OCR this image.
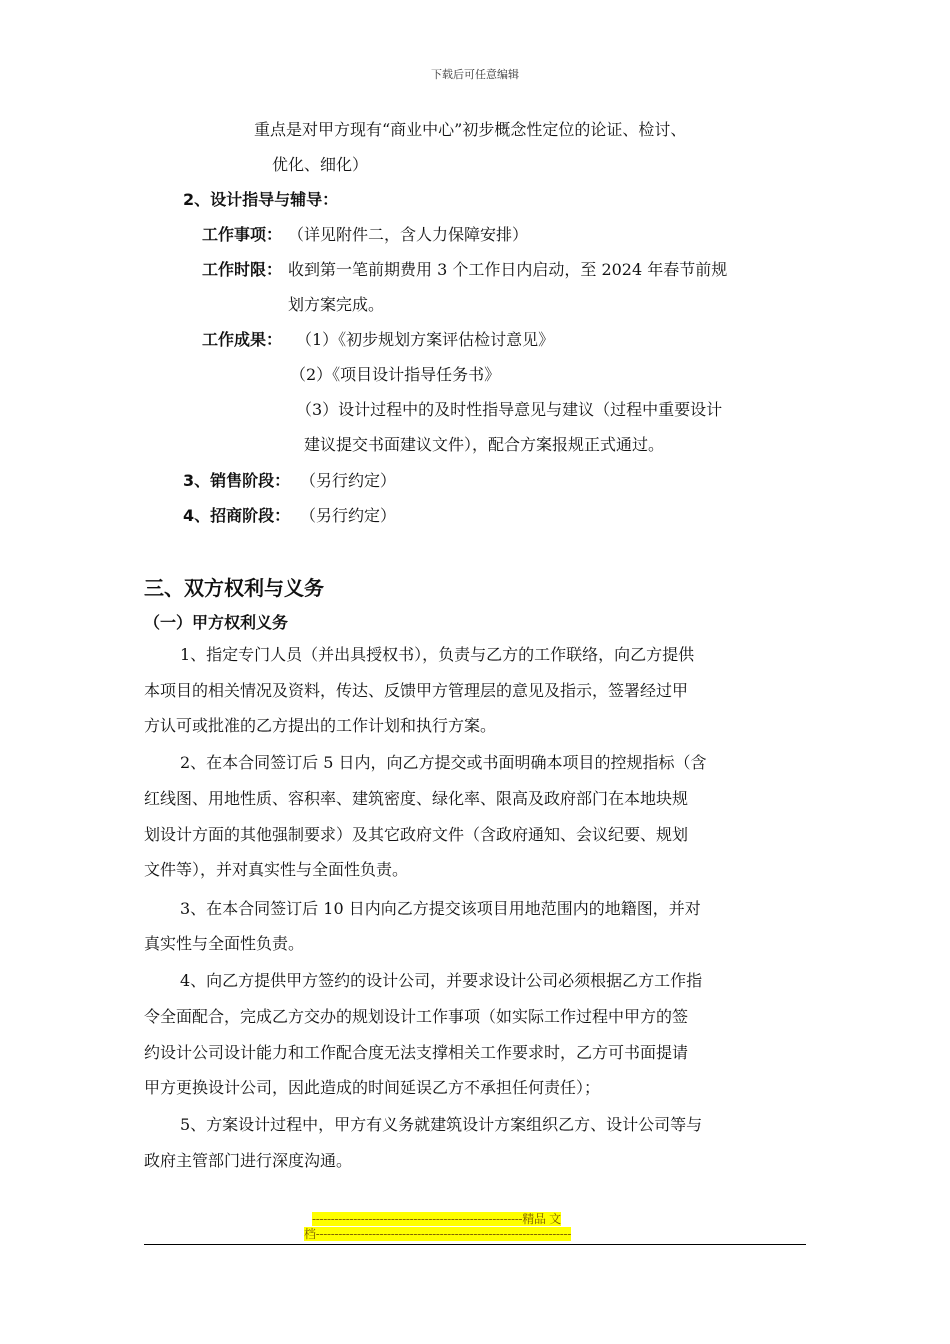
下载后可任意编辑
重点是对甲方现有“商业中心”初步概念性定位的论证、检讨、
优化、细化）
2、设计指导与辅导：
工作事项： （详见附件二，含人力保障安排）
工作时限： 收到第一笔前期费用 3 个工作日内启动，至 2024 年春节前规
划方案完成。
工作成果： （1）《初步规划方案评估检讨意见》
（2）《项目设计指导任务书》
（3）设计过程中的及时性指导意见与建议（过程中重要设计
建议提交书面建议文件），配合方案报规正式通过。
3、销售阶段： （另行约定）
4、招商阶段： （另行约定）
三、双方权利与义务
（一）甲方权利义务
1、指定专门人员（并出具授权书），负责与乙方的工作联络，向乙方提供
本项目的相关情况及资料，传达、反馈甲方管理层的意见及指示，签署经过甲
方认可或批准的乙方提出的工作计划和执行方案。
2、在本合同签订后 5 日内，向乙方提交或书面明确本项目的控规指标（含
红线图、用地性质、容积率、建筑密度、绿化率、限高及政府部门在本地块规
划设计方面的其他强制要求）及其它政府文件（含政府通知、会议纪要、规划
文件等），并对真实性与全面性负责。
3、在本合同签订后 10 日内向乙方提交该项目用地范围内的地籍图，并对
真实性与全面性负责。
4、向乙方提供甲方签约的设计公司，并要求设计公司必须根据乙方工作指
令全面配合，完成乙方交办的规划设计工作事项（如实际工作过程中甲方的签
约设计公司设计能力和工作配合度无法支撑相关工作要求时，乙方可书面提请
甲方更换设计公司，因此造成的时间延误乙方不承担任何责任）；
5、方案设计过程中，甲方有义务就建筑设计方案组织乙方、设计公司等与
政府主管部门进行深度沟通。
--------------------------------------------------------精品 文
档--------------------------------------------------------------------
